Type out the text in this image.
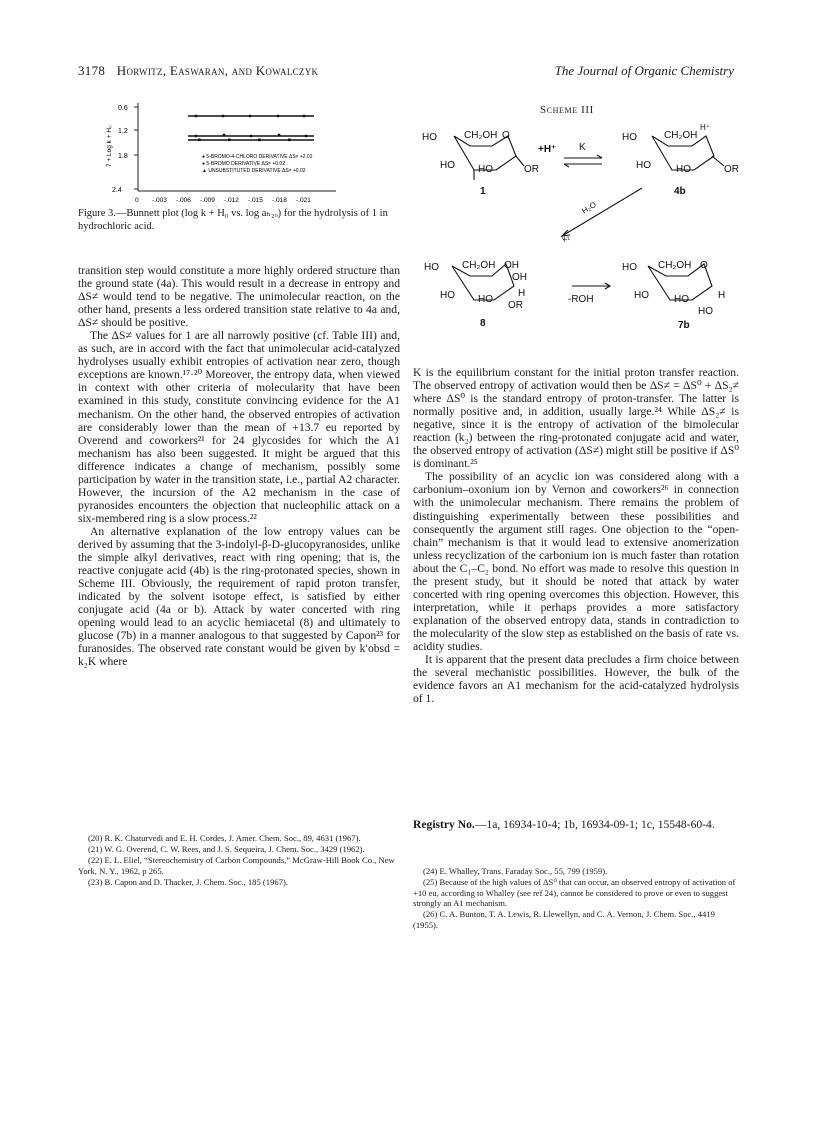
3178 Horwitz, Easwaran, and Kowalczyk	The Journal of Organic Chemistry
0.6
1.2
1.8
2.4
7 + Log k + H₀
0 -.003 -.006 -.009 -.012 -.015 -.018 -.021
● 5-BROMO-4-CHLORO DERIVATIVE ΔS≠ +2.02
● 5-BROMO DERIVATIVE ΔS≠ +0.02
▲ UNSUBSTITUTED DERIVATIVE ΔS≠ +0.02
Figure 3.—Bunnett plot (log k + H₀ vs. log aₕ₂ₒ) for the hydrolysis of 1 in hydrochloric acid.
Scheme III
HO	CH₂OH O
HO HO	OR
+H⁺ K
HO	CH₂OH
H⁺
HO	HO	OR
1	4b
H₂O
k₂
HO CH₂OH OH
OH
HO HO
H
OR
-ROH
8
HO CH₂OH O
HO	HO	H
HO
7b

transition step would constitute a more highly ordered structure than the ground state (4a). This would result in a decrease in entropy and ΔS≠ would tend to be negative. The unimolecular reaction, on the other hand, presents a less ordered transition state relative to 4a and, ΔS≠ should be positive.

The ΔS≠ values for 1 are all narrowly positive (cf. Table III) and, as such, are in accord with the fact that unimolecular acid-catalyzed hydrolyses usually exhibit entropies of activation near zero, though exceptions are known.¹⁷·²⁰ Moreover, the entropy data, when viewed in context with other criteria of molecularity that have been examined in this study, constitute convincing evidence for the A1 mechanism. On the other hand, the observed entropies of activation are considerably lower than the mean of +13.7 eu reported by Overend and coworkers²¹ for 24 glycosides for which the A1 mechanism has also been suggested. It might be argued that this difference indicates a change of mechanism, possibly some participation by water in the transition state, i.e., partial A2 character. However, the incursion of the A2 mechanism in the case of pyranosides encounters the objection that nucleophilic attack on a six-membered ring is a slow process.²²

An alternative explanation of the low entropy values can be derived by assuming that the 3-indolyl-β-D-glucopyranosides, unlike the simple alkyl derivatives, react with ring opening; that is, the reactive conjugate acid (4b) is the ring-protonated species, shown in Scheme III. Obviously, the requirement of rapid proton transfer, indicated by the solvent isotope effect, is satisfied by either conjugate acid (4a or b). Attack by water concerted with ring opening would lead to an acyclic hemiacetal (8) and ultimately to glucose (7b) in a manner analogous to that suggested by Capon²³ for furanosides. The observed rate constant would be given by k′obsd = k₂K where

K is the equilibrium constant for the initial proton transfer reaction. The observed entropy of activation would then be ΔS≠ = ΔS⁰ + ΔS₂≠ where ΔS⁰ is the standard entropy of proton-transfer. The latter is normally positive and, in addition, usually large.²⁴ While ΔS₂≠ is negative, since it is the entropy of activation of the bimolecular reaction (k₂) between the ring-protonated conjugate acid and water, the observed entropy of activation (ΔS≠) might still be positive if ΔS⁰ is dominant.²⁵

The possibility of an acyclic ion was considered along with a carbonium–oxonium ion by Vernon and coworkers²⁶ in connection with the unimolecular mechanism. There remains the problem of distinguishing experimentally between these possibilities and consequently the argument still rages. One objection to the “open-chain” mechanism is that it would lead to extensive anomerization unless recyclization of the carbonium ion is much faster than rotation about the C₁–C₂ bond. No effort was made to resolve this question in the present study, but it should be noted that attack by water concerted with ring opening overcomes this objection. However, this interpretation, while it perhaps provides a more satisfactory explanation of the observed entropy data, stands in contradiction to the molecularity of the slow step as established on the basis of rate vs. acidity studies.

It is apparent that the present data precludes a firm choice between the several mechanistic possibilities. However, the bulk of the evidence favors an A1 mechanism for the acid-catalyzed hydrolysis of 1.

Registry No.—1a, 16934-10-4; 1b, 16934-09-1; 1c, 15548-60-4.
(20) R. K. Chaturvedi and E. H. Cordes, J. Amer. Chem. Soc., 89, 4631 (1967).
(21) W. G. Overend, C. W. Rees, and J. S. Sequeira, J. Chem. Soc., 3429 (1962).
(22) E. L. Eliel, “Stereochemistry of Carbon Compounds,” McGraw-Hill Book Co., New York, N. Y., 1962, p 265.
(23) B. Capon and D. Thacker, J. Chem. Soc., 185 (1967).
(24) E. Whalley, Trans. Faraday Soc., 55, 799 (1959).
(25) Because of the high values of ΔS⁰ that can occur, an observed entropy of activation of +10 eu, according to Whalley (see ref 24), cannot be considered to prove or even to suggest strongly an A1 mechanism.
(26) C. A. Bunton, T. A. Lewis, R. Llewellyn, and C. A. Vernon, J. Chem. Soc., 4419 (1955).
